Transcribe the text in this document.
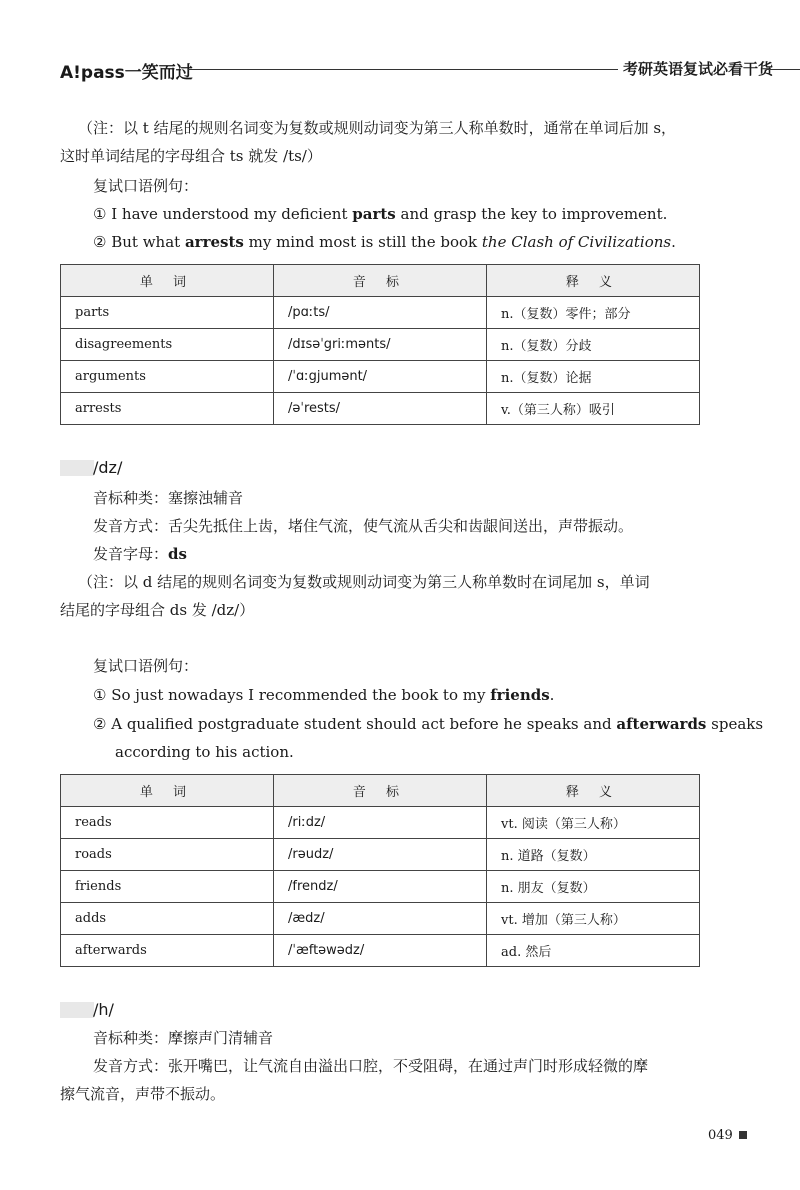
A!pass一笑而过	考研英语复试必看干货
（注：以 t 结尾的规则名词变为复数或规则动词变为第三人称单数时，通常在单词后加 s，
这时单词结尾的字母组合 ts 就发 /ts/）
复试口语例句：
① I have understood my deficient parts and grasp the key to improvement.
② But what arrests my mind most is still the book the Clash of Civilizations.
单 词	音 标	释 义
parts	/pɑːts/	n.（复数）零件；部分
disagreements	/dɪsəˈgriːmənts/	n.（复数）分歧
arguments	/ˈɑːgjumənt/	n.（复数）论据
arrests	/əˈrests/	v.（第三人称）吸引
/dz/
音标种类：塞擦浊辅音
发音方式：舌尖先抵住上齿，堵住气流，使气流从舌尖和齿龈间送出，声带振动。
发音字母：ds
（注：以 d 结尾的规则名词变为复数或规则动词变为第三人称单数时在词尾加 s，单词
结尾的字母组合 ds 发 /dz/）
复试口语例句：
① So just nowadays I recommended the book to my friends.
② A qualified postgraduate student should act before he speaks and afterwards speaks
according to his action.
单 词	音 标	释 义
reads	/riːdz/	vt. 阅读（第三人称）
roads	/rəudz/	n. 道路（复数）
friends	/frendz/	n. 朋友（复数）
adds	/ædz/	vt. 增加（第三人称）
afterwards	/ˈæftəwədz/	ad. 然后
/h/
音标种类：摩擦声门清辅音
发音方式：张开嘴巴，让气流自由溢出口腔，不受阻碍，在通过声门时形成轻微的摩
擦气流音，声带不振动。
049
